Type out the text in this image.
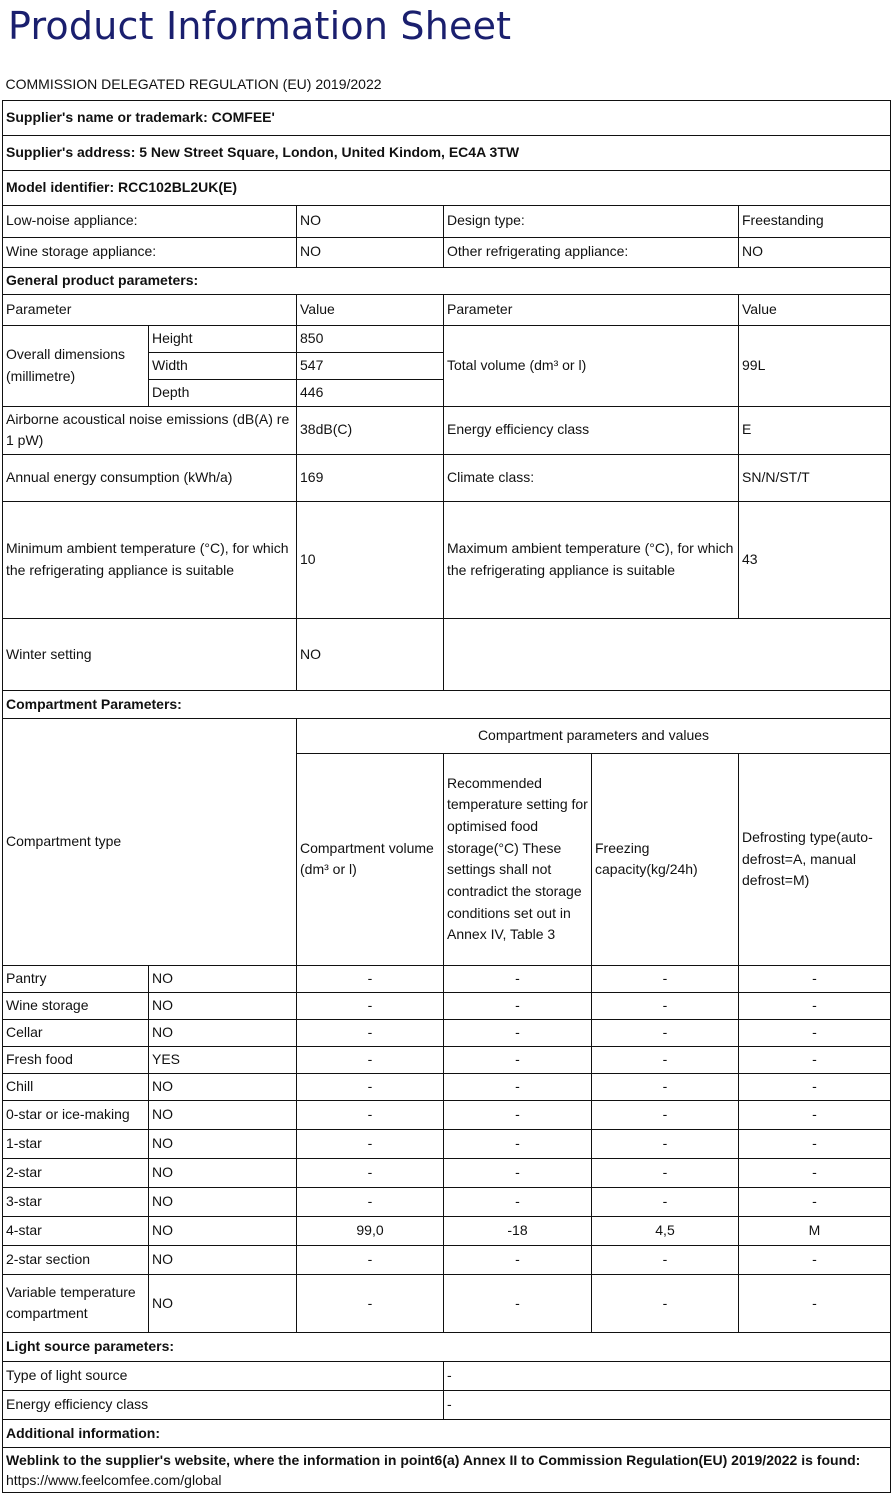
Product Information Sheet
COMMISSION DELEGATED REGULATION (EU) 2019/2022					
Supplier's name or trademark: COMFEE'					
Supplier's address: 5 New Street Square, London, United Kindom, EC4A 3TW					
Model identifier: RCC102BL2UK(E)					
Low-noise appliance:		NO	Design type:		Freestanding
Wine storage appliance:		NO	Other refrigerating appliance:		NO
General product parameters:					
Parameter		Value	Parameter		Value
Overall dimensions (millimetre)	Height	850	Total volume (dm³ or l)		99L
	Width	547			
	Depth	446			
Airborne acoustical noise emissions (dB(A) re 1 pW)		38dB(C)	Energy efficiency class		E
Annual energy consumption (kWh/a)		169	Climate class:		SN/N/ST/T
Minimum ambient temperature (°C), for which the refrigerating appliance is suitable		10	Maximum ambient temperature (°C), for which the refrigerating appliance is suitable		43
Winter setting		NO			
Compartment Parameters:					
Compartment type		Compartment parameters and values			
		Compartment volume (dm³ or l)	Recommended temperature setting for optimised food storage(°C) These settings shall not contradict the storage conditions set out in Annex IV, Table 3	Freezing capacity(kg/24h)	Defrosting type(auto-defrost=A, manual defrost=M)
Pantry	NO	-	-	-	-
Wine storage	NO	-	-	-	-
Cellar	NO	-	-	-	-
Fresh food	YES	-	-	-	-
Chill	NO	-	-	-	-
0-star or ice-making	NO	-	-	-	-
1-star	NO	-	-	-	-
2-star	NO	-	-	-	-
3-star	NO	-	-	-	-
4-star	NO	99,0	-18	4,5	M
2-star section	NO	-	-	-	-
Variable temperature compartment	NO	-	-	-	-
Light source parameters:					
Type of light source			-		
Energy efficiency class			-		
Additional information:					

Weblink to the supplier's website, where the information in point6(a) Annex II to Commission Regulation(EU) 2019/2022 is found:
https://www.feelcomfee.com/global					
